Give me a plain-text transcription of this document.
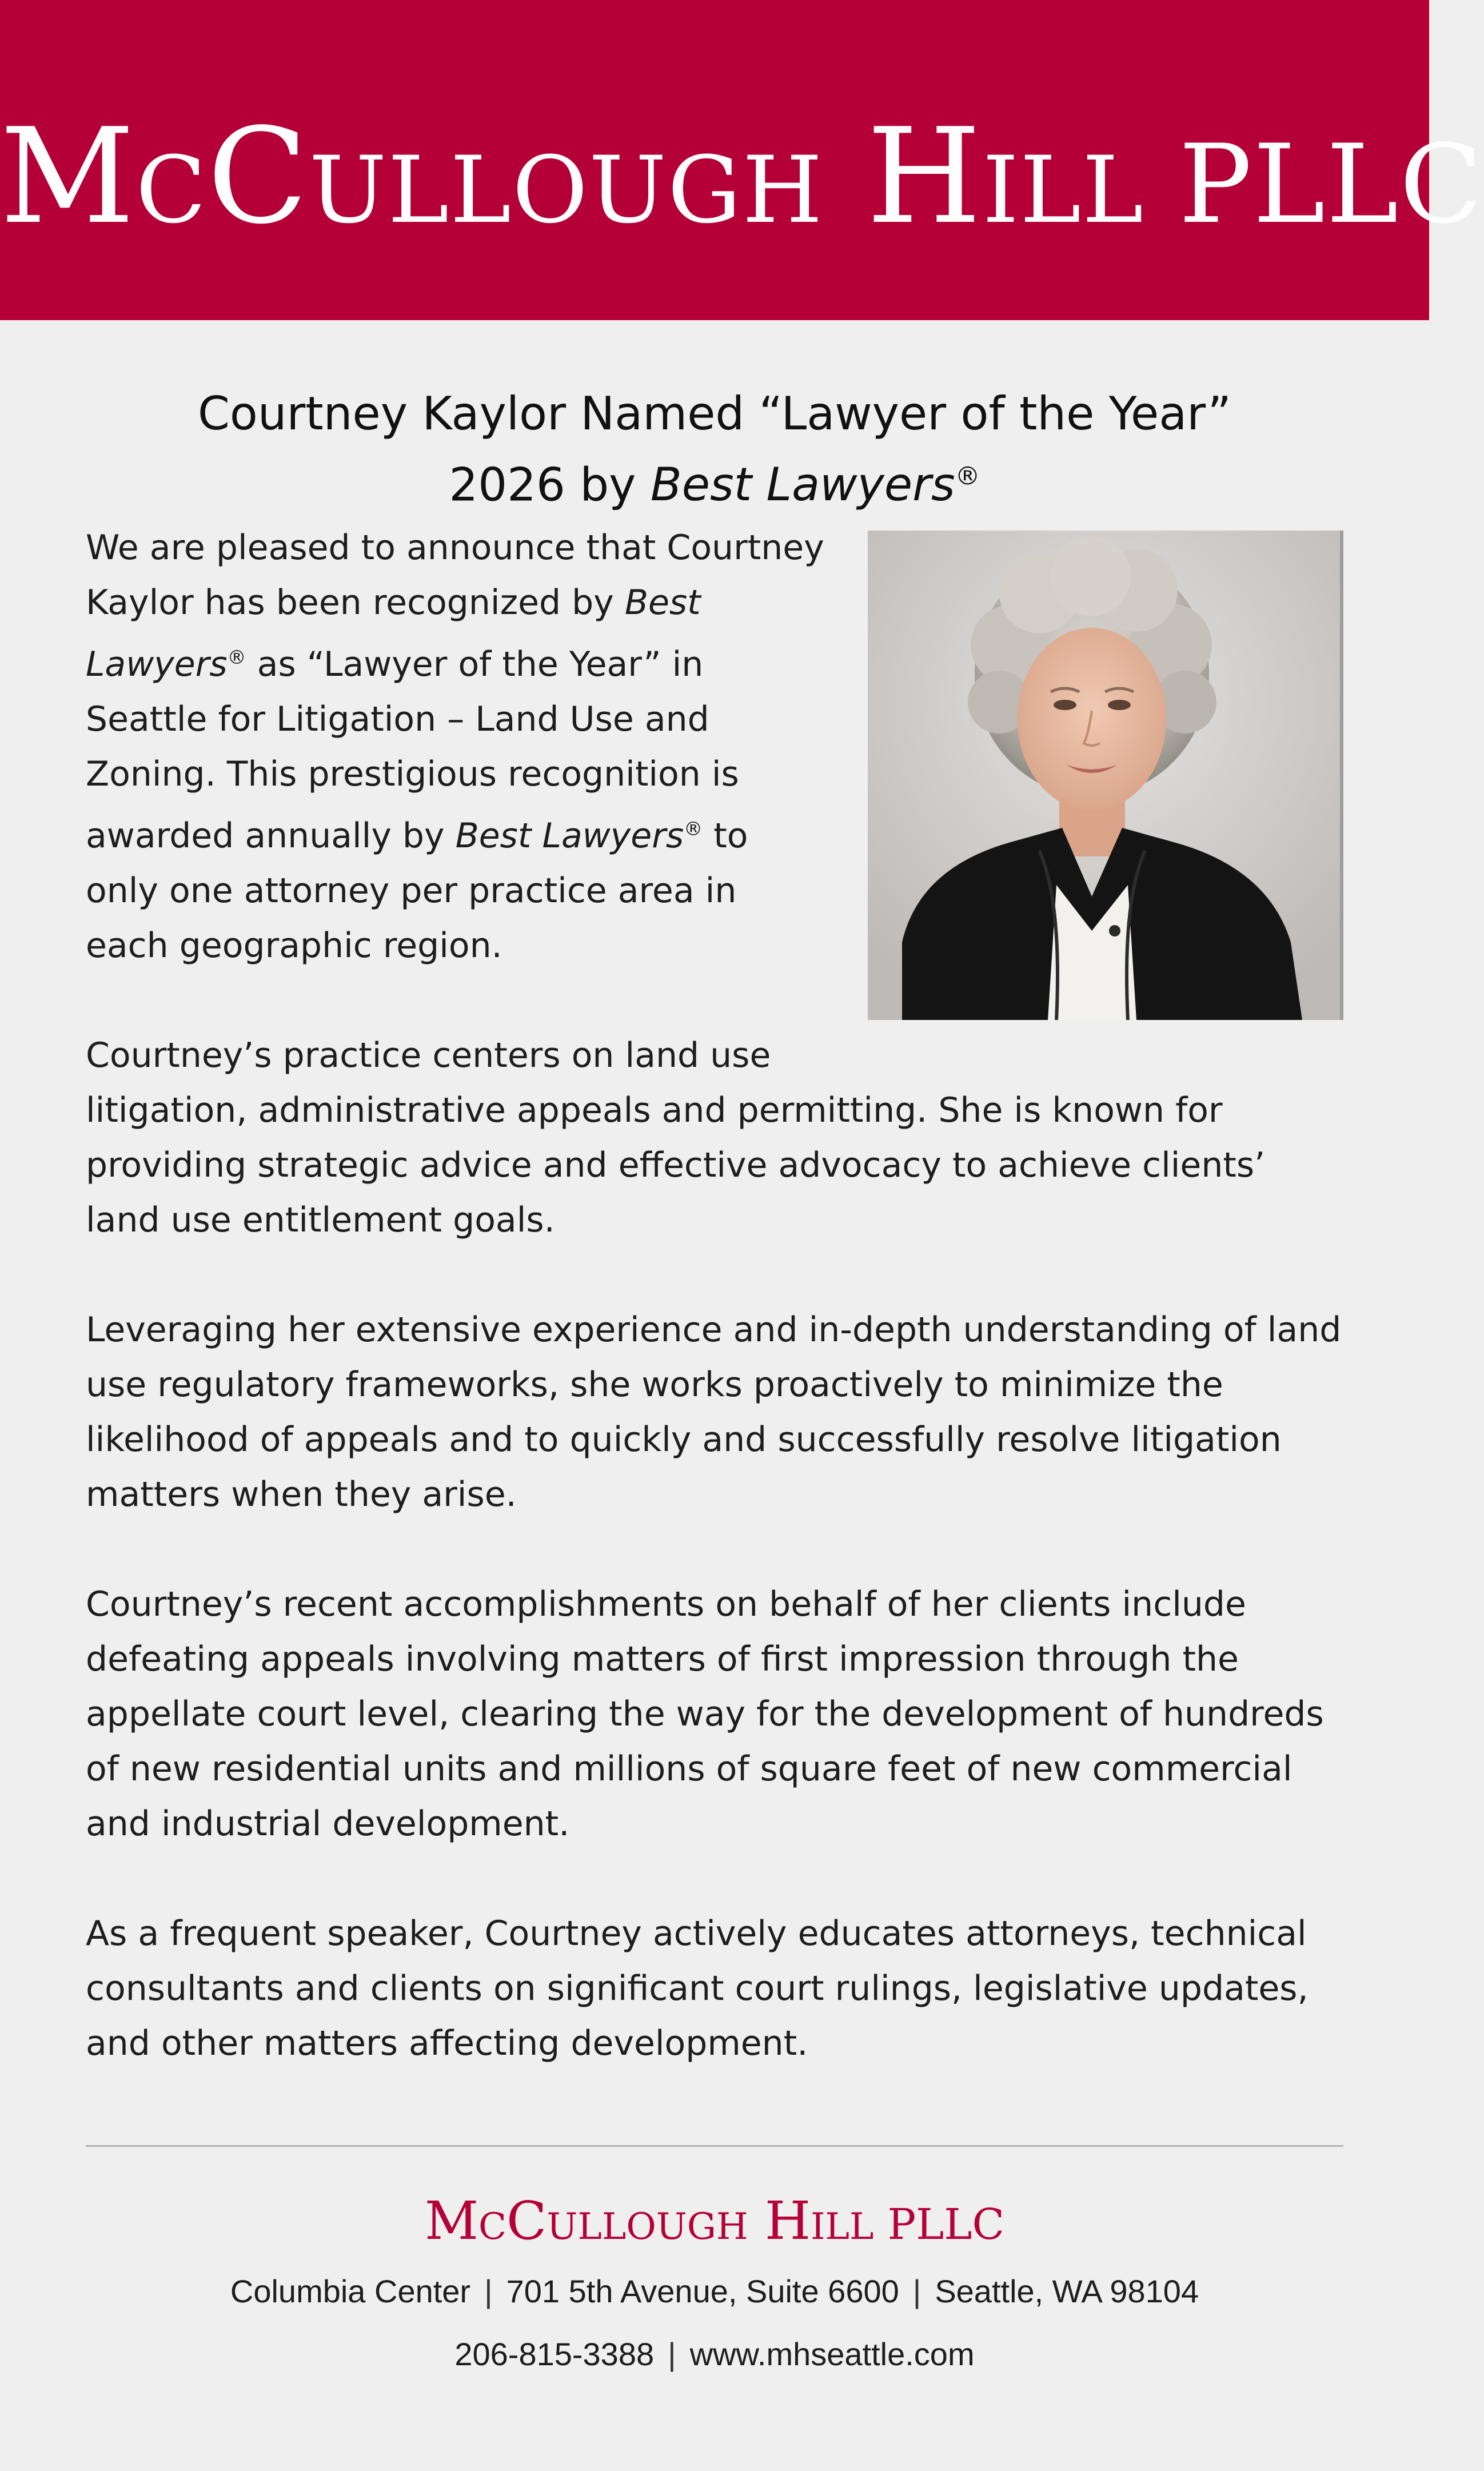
McCullough Hill PLLC
Courtney Kaylor Named “Lawyer of the Year”
2026 by Best Lawyers®

We are pleased to announce that Courtney Kaylor has been recognized by Best Lawyers® as “Lawyer of the Year” in Seattle for Litigation – Land Use and Zoning. This prestigious recognition is awarded annually by Best Lawyers® to only one attorney per practice area in each geographic region.

Courtney’s practice centers on land use litigation, administrative appeals and permitting. She is known for providing strategic advice and effective advocacy to achieve clients’ land use entitlement goals.

Leveraging her extensive experience and in-depth understanding of land use regulatory frameworks, she works proactively to minimize the likelihood of appeals and to quickly and successfully resolve litigation matters when they arise.

Courtney’s recent accomplishments on behalf of her clients include defeating appeals involving matters of first impression through the appellate court level, clearing the way for the development of hundreds of new residential units and millions of square feet of new commercial and industrial development.

As a frequent speaker, Courtney actively educates attorneys, technical consultants and clients on significant court rulings, legislative updates, and other matters affecting development.

McCullough Hill PLLC
Columbia Center | 701 5th Avenue, Suite 6600 | Seattle, WA 98104
206-815-3388 | www.mhseattle.com
